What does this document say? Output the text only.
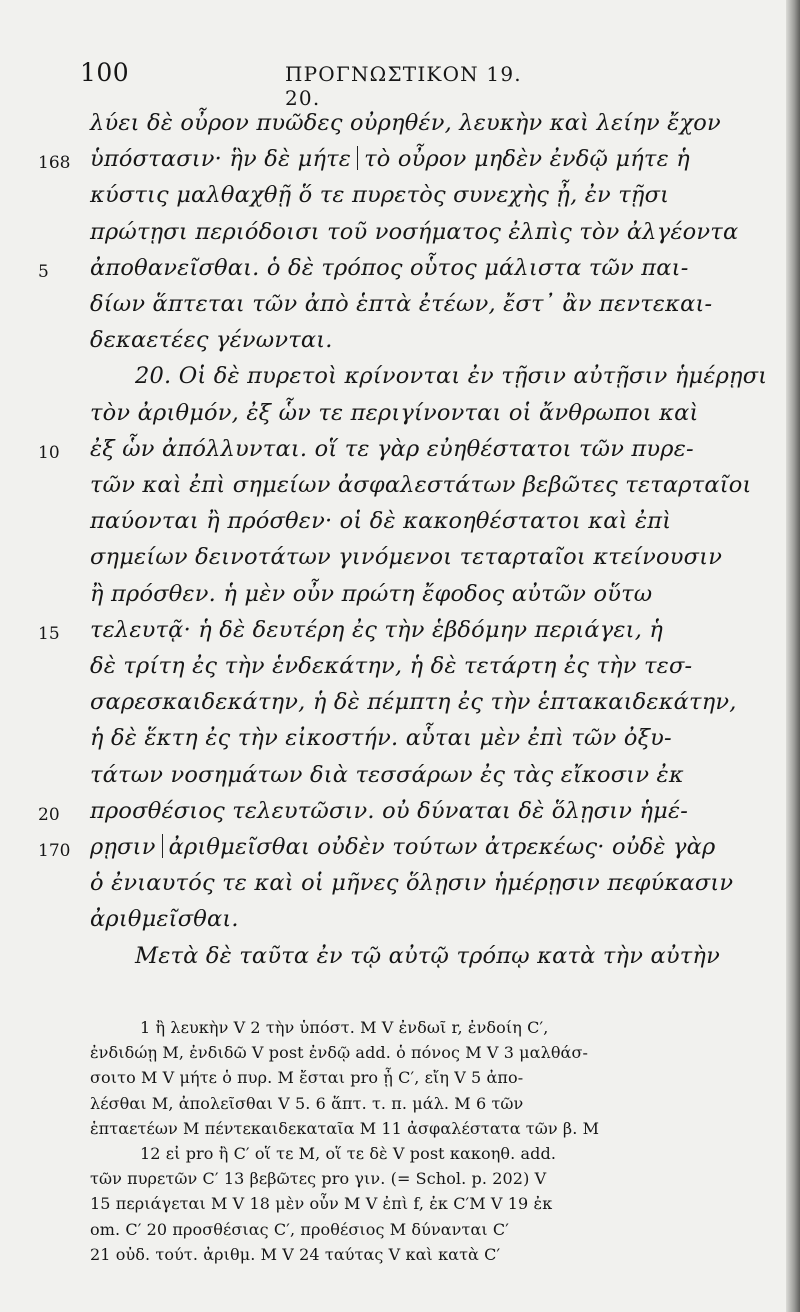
100	ΠΡΟΓΝΩΣΤΙΚΟΝ 19. 20.
λύει δὲ οὖρον πυῶδες οὐρηθέν, λευκὴν καὶ λείην ἔχον
168 ὑπόστασιν· ἣν δὲ μήτε τὸ οὖρον μηδὲν ἐνδῷ μήτε ἡ
κύστις μαλθαχθῇ ὅ τε πυρετὸς συνεχὴς ᾖ, ἐν τῇσι
πρώτῃσι περιόδοισι τοῦ νοσήματος ἐλπὶς τὸν ἀλγέοντα
5	ἀποθανεῖσθαι. ὁ δὲ τρόπος οὗτος μάλιστα τῶν παι-
δίων ἅπτεται τῶν ἀπὸ ἑπτὰ ἐτέων, ἔστ᾽ ἂν πεντεκαι-
δεκαετέες γένωνται.
20. Οἱ δὲ πυρετοὶ κρίνονται ἐν τῇσιν αὐτῇσιν ἡμέρῃσι
τὸν ἀριθμόν, ἐξ ὧν τε περιγίνονται οἱ ἄνθρωποι καὶ
10	ἐξ ὧν ἀπόλλυνται. οἵ τε γὰρ εὐηθέστατοι τῶν πυρε-
τῶν καὶ ἐπὶ σημείων ἀσφαλεστάτων βεβῶτες τεταρταῖοι
παύονται ἢ πρόσθεν· οἱ δὲ κακοηθέστατοι καὶ ἐπὶ
σημείων δεινοτάτων γινόμενοι τεταρταῖοι κτείνουσιν
ἢ πρόσθεν. ἡ μὲν οὖν πρώτη ἔφοδος αὐτῶν οὕτω
15	τελευτᾷ· ἡ δὲ δευτέρη ἐς τὴν ἑβδόμην περιάγει, ἡ
δὲ τρίτη ἐς τὴν ἑνδεκάτην, ἡ δὲ τετάρτη ἐς τὴν τεσ-
σαρεσκαιδεκάτην, ἡ δὲ πέμπτη ἐς τὴν ἑπτακαιδεκάτην,
ἡ δὲ ἕκτη ἐς τὴν εἰκοστήν. αὗται μὲν ἐπὶ τῶν ὀξυ-
τάτων νοσημάτων διὰ τεσσάρων ἐς τὰς εἴκοσιν ἐκ
20	προσθέσιος τελευτῶσιν. οὐ δύναται δὲ ὅλῃσιν ἡμέ-
170 ρῃσιν ἀριθμεῖσθαι οὐδὲν τούτων ἀτρεκέως· οὐδὲ γὰρ
ὁ ἐνιαυτός τε καὶ οἱ μῆνες ὅλῃσιν ἡμέρῃσιν πεφύκασιν
ἀριθμεῖσθαι.
Μετὰ δὲ ταῦτα ἐν τῷ αὐτῷ τρόπῳ κατὰ τὴν αὐτὴν
1 ἢ λευκὴν V 2 τὴν ὑπόστ. M V ἐνδωῖ r, ἐνδοίη C′,
ἐνδιδώῃ M, ἐνδιδῶ V post ἐνδῷ add. ὁ πόνος M V 3 μαλθάσ-
σοιτο M V μήτε ὁ πυρ. M ἔσται pro ᾖ C′, εἴη V 5 ἀπο-
λέσθαι M, ἀπολεῖσθαι V 5. 6 ἅπτ. τ. π. μάλ. M 6 τῶν
ἑπταετέων M πέντεκαιδεκαταῖα M 11 ἀσφαλέστατα τῶν β. M
12 εἰ pro ἢ C′ οἵ τε M, οἵ τε δὲ V post κακοηθ. add.
τῶν πυρετῶν C′ 13 βεβῶτες pro γιν. (= Schol. p. 202) V
15 περιάγεται M V 18 μὲν οὖν M V ἐπὶ f, ἐκ C′M V 19 ἐκ
om. C′ 20 προσθέσιας C′, προθέσιος M δύνανται C′
21 οὐδ. τούτ. ἀριθμ. M V 24 ταύτας V καὶ κατὰ C′
